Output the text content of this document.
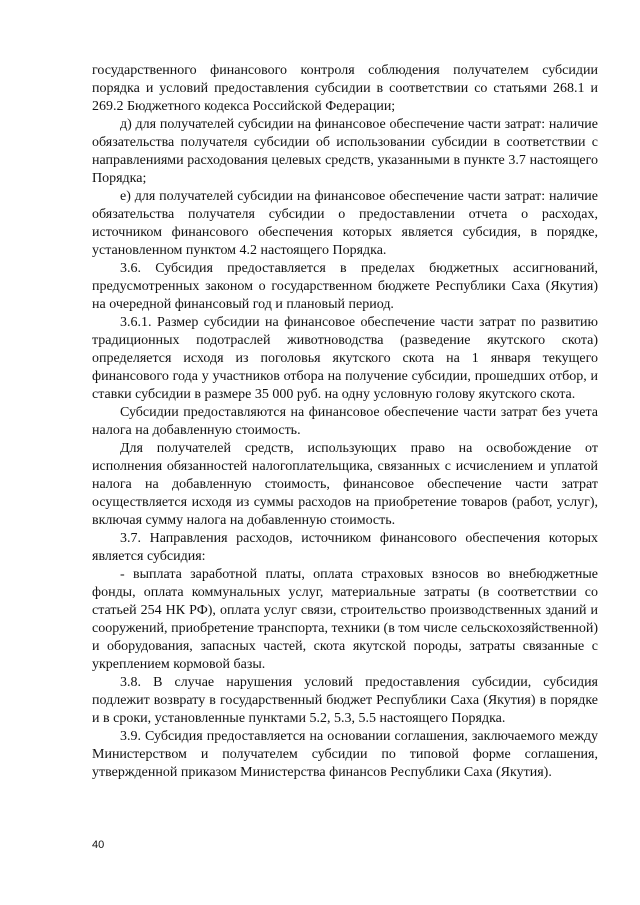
государственного финансового контроля соблюдения получателем субсидии порядка и условий предоставления субсидии в соответствии со статьями 268.1 и 269.2 Бюджетного кодекса Российской Федерации;

д) для получателей субсидии на финансовое обеспечение части затрат: наличие обязательства получателя субсидии об использовании субсидии в соответствии с направлениями расходования целевых средств, указанными в пункте 3.7 настоящего Порядка;

е) для получателей субсидии на финансовое обеспечение части затрат: наличие обязательства получателя субсидии о предоставлении отчета о расходах, источником финансового обеспечения которых является субсидия, в порядке, установленном пунктом 4.2 настоящего Порядка.

3.6. Субсидия предоставляется в пределах бюджетных ассигнований, предусмотренных законом о государственном бюджете Республики Саха (Якутия) на очередной финансовый год и плановый период.

3.6.1. Размер субсидии на финансовое обеспечение части затрат по развитию традиционных подотраслей животноводства (разведение якутского скота) определяется исходя из поголовья якутского скота на 1 января текущего финансового года у участников отбора на получение субсидии, прошедших отбор, и ставки субсидии в размере 35 000 руб. на одну условную голову якутского скота.

Субсидии предоставляются на финансовое обеспечение части затрат без учета налога на добавленную стоимость.

Для получателей средств, использующих право на освобождение от исполнения обязанностей налогоплательщика, связанных с исчислением и уплатой налога на добавленную стоимость, финансовое обеспечение части затрат осуществляется исходя из суммы расходов на приобретение товаров (работ, услуг), включая сумму налога на добавленную стоимость.

3.7. Направления расходов, источником финансового обеспечения которых является субсидия:

- выплата заработной платы, оплата страховых взносов во внебюджетные фонды, оплата коммунальных услуг, материальные затраты (в соответствии со статьей 254 НК РФ), оплата услуг связи, строительство производственных зданий и сооружений, приобретение транспорта, техники (в том числе сельскохозяйственной) и оборудования, запасных частей, скота якутской породы, затраты связанные с укреплением кормовой базы.

3.8. В случае нарушения условий предоставления субсидии, субсидия подлежит возврату в государственный бюджет Республики Саха (Якутия) в порядке и в сроки, установленные пунктами 5.2, 5.3, 5.5 настоящего Порядка.

3.9. Субсидия предоставляется на основании соглашения, заключаемого между Министерством и получателем субсидии по типовой форме соглашения, утвержденной приказом Министерства финансов Республики Саха (Якутия).

40
